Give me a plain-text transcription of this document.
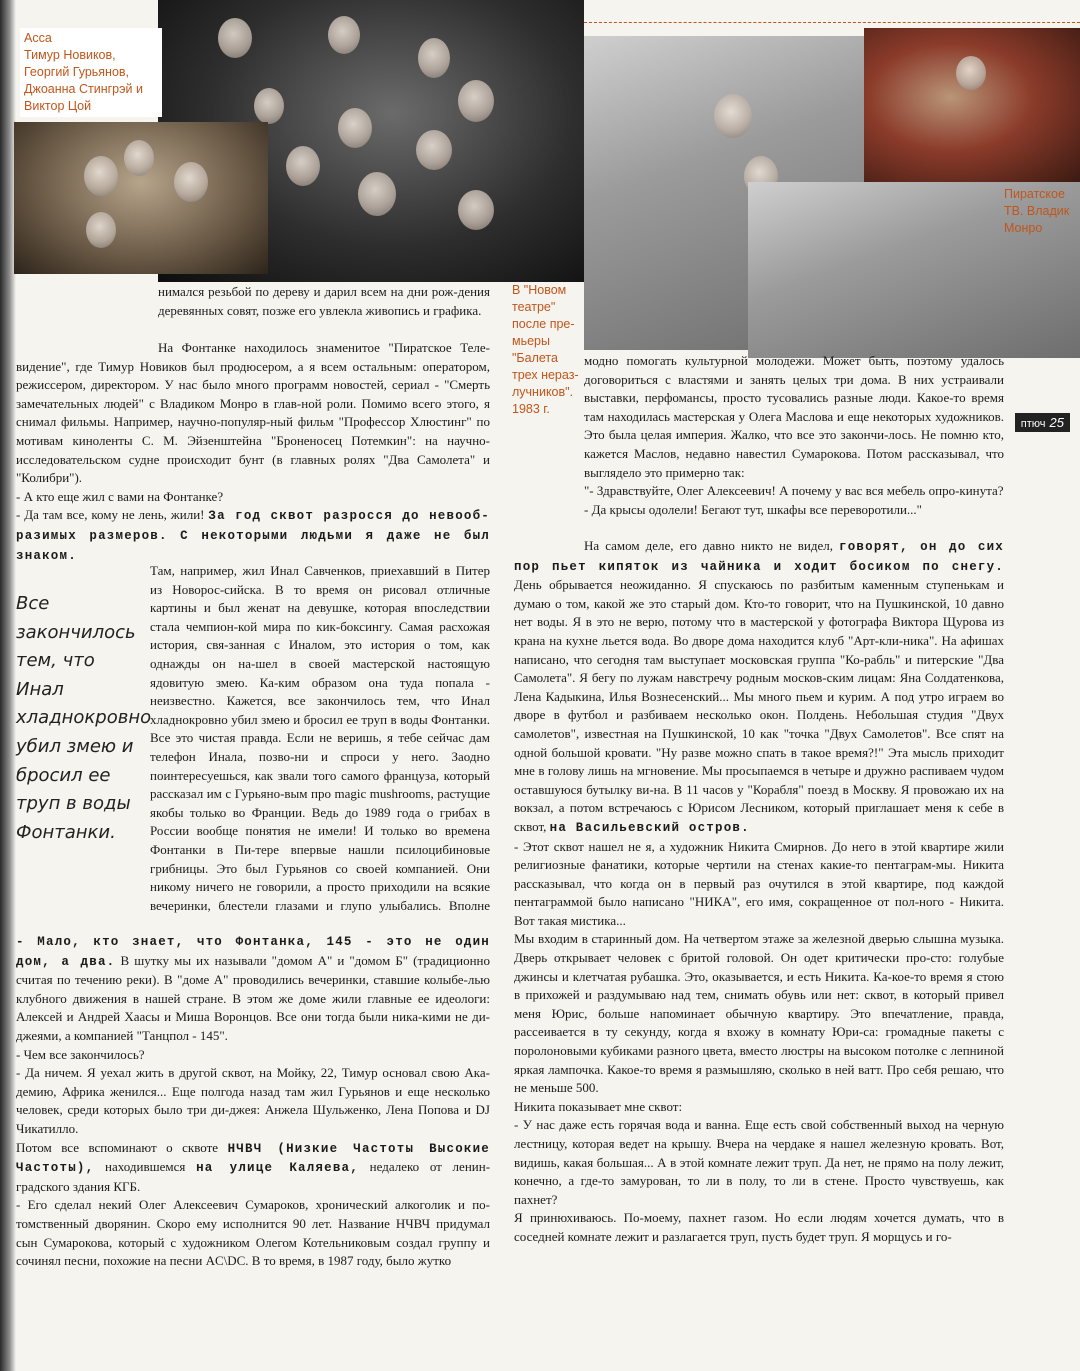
Асса
Тимур Новиков,
Георгий Гурьянов,
Джоанна Стингрэй и
Виктор Цой
Пиратское
ТВ. Владик
Монро
В "Новом
театре"
после пре-
мьеры
"Балета
трех нераз-
лучников".
1983 г.
птюч 25
Все
закончилось
тем, что
Инал
хладнокровно
убил змею и
бросил ее
труп в воды
Фонтанки.

нимался резьбой по дереву и дарил всем на дни рож-дения деревянных совят, позже его увлекла живопись и графика.

На Фонтанке находилось знаменитое "Пиратское Теле-видение", где Тимур Новиков был продюсером, а я всем остальным: оператором, режиссером, директором. У нас было много программ новостей, сериал - "Смерть замечательных людей" с Владиком Монро в глав-ной роли. Помимо всего этого, я снимал фильмы. Например, научно-популяр-ный фильм "Профессор Хлюстинг" по мотивам киноленты С. М. Эйзенштейна "Броненосец Потемкин": на научно-исследовательском судне происходит бунт (в главных ролях "Два Самолета" и "Колибри").

- А кто еще жил с вами на Фонтанке?

- Да там все, кому не лень, жили! За год сквот разросся до невооб-разимых размеров. С некоторыми людьми я даже не был знаком.

Там, например, жил Инал Савченков, приехавший в Питер из Новорос-сийска. В то время он рисовал отличные картины и был женат на девушке, которая впоследствии стала чемпион-кой мира по кик-боксингу. Самая расхожая история, свя-занная с Иналом, это история о том, как однажды он на-шел в своей мастерской настоящую ядовитую змею. Ка-ким образом она туда попала - неизвестно. Кажется, все закончилось тем, что Инал хладнокровно убил змею и бросил ее труп в воды Фонтанки. Все это чистая правда. Если не веришь, я тебе сейчас дам телефон Инала, позво-ни и спроси у него. Заодно поинтересуешься, как звали того самого француза, который рассказал им с Гурьяно-вым про magic mushrooms, растущие якобы только во Франции. Ведь до 1989 года о грибах в России вообще понятия не имели! И только во времена Фонтанки в Пи-тере впервые нашли псилоцибиновые грибницы. Это был Гурьянов со своей компанией. Они никому ничего не говорили, а просто приходили на всякие вечеринки, блестели глазами и глупо улыбались. Вполне

- Мало, кто знает, что Фонтанка, 145 - это не один дом, а два. В шутку мы их называли "домом А" и "домом Б" (традиционно считая по течению реки). В "доме А" проводились вечеринки, ставшие колыбе-лью клубного движения в нашей стране. В этом же доме жили главные ее идеологи: Алексей и Андрей Хаасы и Миша Воронцов. Все они тогда были ника-кими не ди-джеями, а компанией "Танцпол - 145".

- Чем все закончилось?

- Да ничем. Я уехал жить в другой сквот, на Мойку, 22, Тимур основал свою Ака-демию, Африка женился... Еще полгода назад там жил Гурьянов и еще несколько человек, среди которых было три ди-джея: Анжела Шульженко, Лена Попова и DJ Чикатилло.

Потом все вспоминают о сквоте НЧВЧ (Низкие Частоты Высокие Частоты), находившемся на улице Каляева, недалеко от ленин-градского здания КГБ.

- Его сделал некий Олег Алексеевич Сумароков, хронический алкоголик и по-томственный дворянин. Скоро ему исполнится 90 лет. Название НЧВЧ придумал сын Сумарокова, который с художником Олегом Котельниковым создал группу и сочинял песни, похожие на песни AC\DC. В то время, в 1987 году, было жутко

модно помогать культурной молодежи. Может быть, поэтому удалось договориться с властями и занять целых три дома. В них устраивали выставки, перфомансы, просто тусовались разные люди. Какое-то время там находилась мастерская у Олега Маслова и еще некоторых художников. Это была целая империя. Жалко, что все это закончи-лось. Не помню кто, кажется Маслов, недавно навестил Сумарокова. Потом рассказывал, что выглядело это примерно так:

"- Здравствуйте, Олег Алексеевич! А почему у вас вся мебель опро-кинута?

- Да крысы одолели! Бегают тут, шкафы все переворотили..."

На самом деле, его давно никто не видел, говорят, он до сих пор пьет кипяток из чайника и ходит босиком по снегу. День обрывается неожиданно. Я спускаюсь по разбитым каменным ступенькам и думаю о том, какой же это старый дом. Кто-то говорит, что на Пушкинской, 10 давно нет воды. Я в это не верю, потому что в мастерской у фотографа Виктора Щурова из крана на кухне льется вода. Во дворе дома находится клуб "Арт-кли-ника". На афишах написано, что сегодня там выступает московская группа "Ко-рабль" и питерские "Два Самолета". Я бегу по лужам навстречу родным москов-ским лицам: Яна Солдатенкова, Лена Кадыкина, Илья Вознесенский... Мы много пьем и курим. А под утро играем во дворе в футбол и разбиваем несколько окон. Полдень. Небольшая студия "Двух самолетов", известная на Пушкинской, 10 как "точка "Двух Самолетов". Все спят на одной большой кровати. "Ну разве можно спать в такое время?!" Эта мысль приходит мне в голову лишь на мгновение. Мы просыпаемся в четыре и дружно распиваем чудом оставшуюся бутылку ви-на. В 11 часов у "Корабля" поезд в Москву. Я провожаю их на вокзал, а потом встречаюсь с Юрисом Лесником, который приглашает меня к себе в сквот, на Васильевский остров.

- Этот сквот нашел не я, а художник Никита Смирнов. До него в этой квартире жили религиозные фанатики, которые чертили на стенах какие-то пентаграм-мы. Никита рассказывал, что когда он в первый раз очутился в этой квартире, под каждой пентаграммой было написано "НИКА", его имя, сокращенное от пол-ного - Никита. Вот такая мистика...

Мы входим в старинный дом. На четвертом этаже за железной дверью слышна музыка. Дверь открывает человек с бритой головой. Он одет критически про-сто: голубые джинсы и клетчатая рубашка. Это, оказывается, и есть Никита. Ка-кое-то время я стою в прихожей и раздумываю над тем, снимать обувь или нет: сквот, в который привел меня Юрис, больше напоминает обычную квартиру. Это впечатление, правда, рассеивается в ту секунду, когда я вхожу в комнату Юри-са: громадные пакеты с поролоновыми кубиками разного цвета, вместо люстры на высоком потолке с лепниной яркая лампочка. Какое-то время я размышляю, сколько в ней ватт. Про себя решаю, что не меньше 500.

Никита показывает мне сквот:

- У нас даже есть горячая вода и ванна. Еще есть свой собственный выход на черную лестницу, которая ведет на крышу. Вчера на чердаке я нашел железную кровать. Вот, видишь, какая большая... А в этой комнате лежит труп. Да нет, не прямо на полу лежит, конечно, а где-то замурован, то ли в полу, то ли в стене. Просто чувствуешь, как пахнет?

Я принюхиваюсь. По-моему, пахнет газом. Но если людям хочется думать, что в соседней комнате лежит и разлагается труп, пусть будет труп. Я морщусь и го-
